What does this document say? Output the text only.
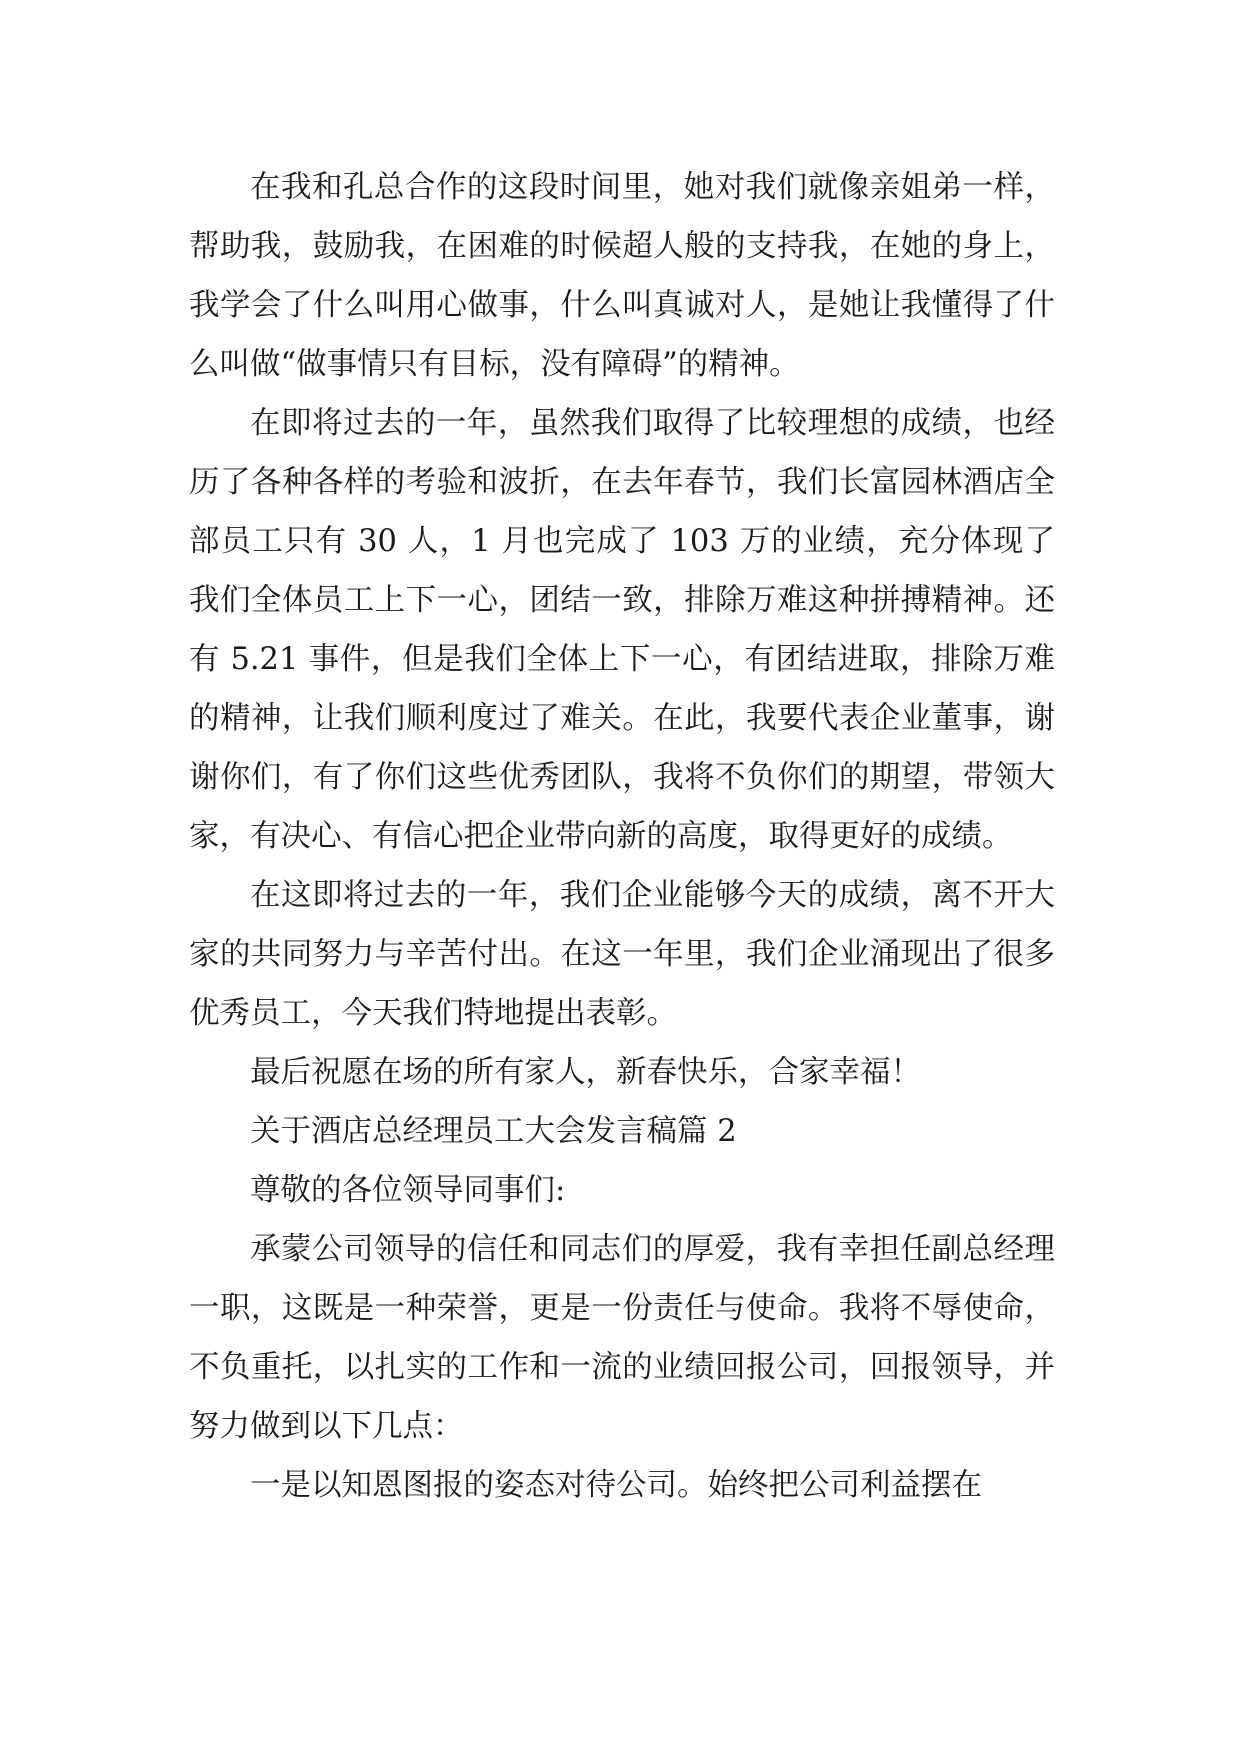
在我和孔总合作的这段时间里，她对我们就像亲姐弟一样，帮助我，鼓励我，在困难的时候超人般的支持我，在她的身上，我学会了什么叫用心做事，什么叫真诚对人，是她让我懂得了什么叫做“做事情只有目标，没有障碍”的精神。

在即将过去的一年，虽然我们取得了比较理想的成绩，也经历了各种各样的考验和波折，在去年春节，我们长富园林酒店全部员工只有 30 人，1 月也完成了 103 万的业绩，充分体现了我们全体员工上下一心，团结一致，排除万难这种拼搏精神。还有 5.21 事件，但是我们全体上下一心，有团结进取，排除万难的精神，让我们顺利度过了难关。在此，我要代表企业董事，谢谢你们，有了你们这些优秀团队，我将不负你们的期望，带领大家，有决心、有信心把企业带向新的高度，取得更好的成绩。

在这即将过去的一年，我们企业能够今天的成绩，离不开大家的共同努力与辛苦付出。在这一年里，我们企业涌现出了很多优秀员工，今天我们特地提出表彰。

最后祝愿在场的所有家人，新春快乐，合家幸福！

关于酒店总经理员工大会发言稿篇 2

尊敬的各位领导同事们:

承蒙公司领导的信任和同志们的厚爱，我有幸担任副总经理一职，这既是一种荣誉，更是一份责任与使命。我将不辱使命，不负重托，以扎实的工作和一流的业绩回报公司，回报领导，并努力做到以下几点：

一是以知恩图报的姿态对待公司。始终把公司利益摆在
